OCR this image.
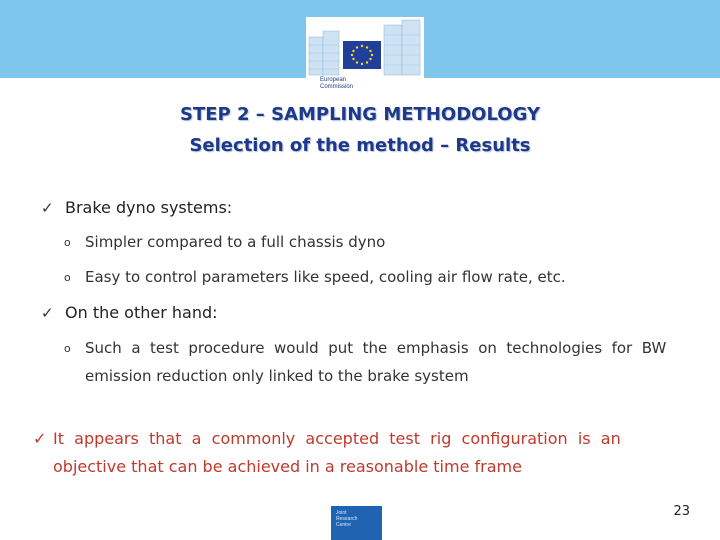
European
Commission
STEP 2 – SAMPLING METHODOLOGY
Selection of the method – Results
✓ Brake dyno systems:
o Simpler compared to a full chassis dyno
o Easy to control parameters like speed, cooling air flow rate, etc.
✓ On the other hand:
o Such  a  test  procedure  would  put  the  emphasis  on  technologies  for  BW
emission reduction only linked to the brake system
✓ It  appears  that  a  commonly  accepted  test  rig  configuration  is  an
objective that can be achieved in a reasonable time frame
Joint
Research
Centre
23
